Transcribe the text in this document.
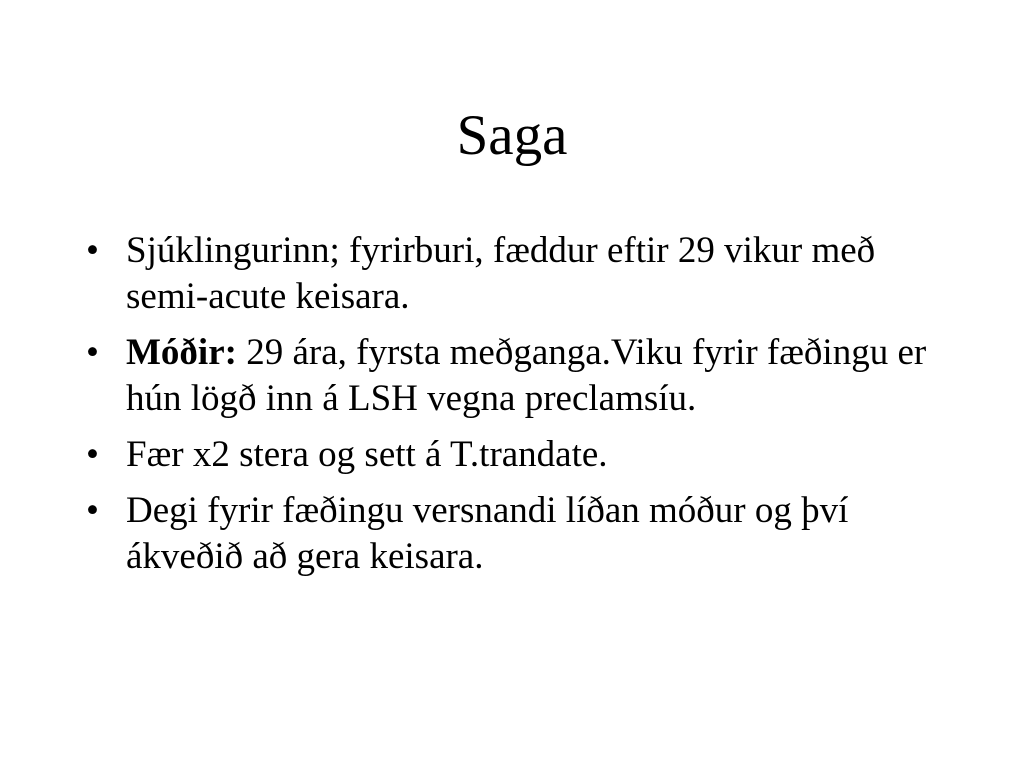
Saga
• Sjúklingurinn; fyrirburi, fæddur eftir 29 vikur með semi-acute keisara.
• Móðir: 29 ára, fyrsta meðganga.Viku fyrir fæðingu er hún lögð inn á LSH vegna preclamsíu.
• Fær x2 stera og sett á T.trandate.
• Degi fyrir fæðingu versnandi líðan móður og því ákveðið að gera keisara.
